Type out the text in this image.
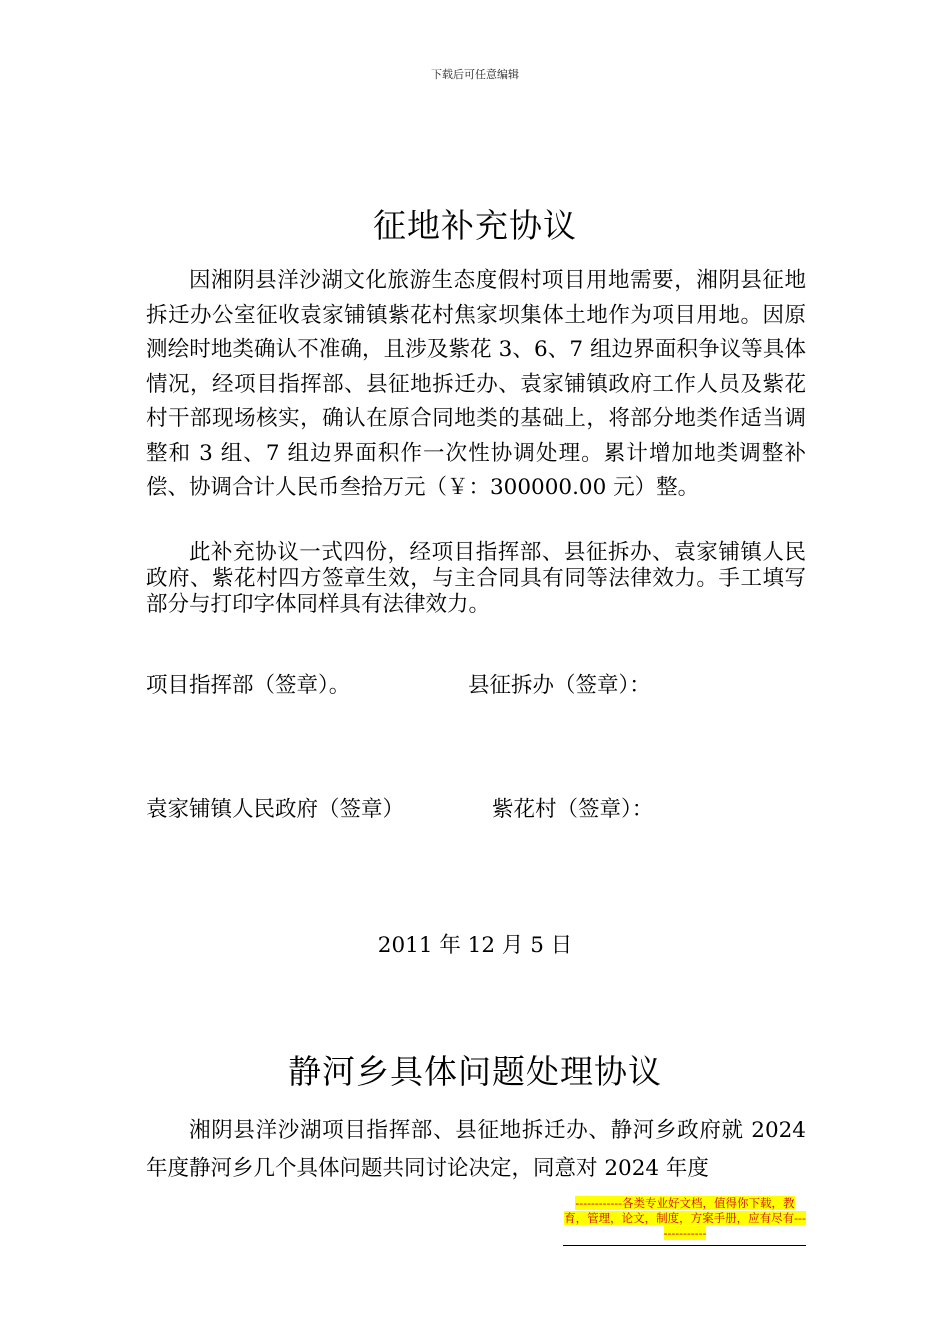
下载后可任意编辑
征地补充协议
因湘阴县洋沙湖文化旅游生态度假村项目用地需要，湘阴县征地拆迁办公室征收袁家铺镇紫花村焦家坝集体土地作为项目用地。因原测绘时地类确认不准确，且涉及紫花 3、6、7 组边界面积争议等具体情况，经项目指挥部、县征地拆迁办、袁家铺镇政府工作人员及紫花村干部现场核实，确认在原合同地类的基础上，将部分地类作适当调整和 3 组、7 组边界面积作一次性协调处理。累计增加地类调整补偿、协调合计人民币叁拾万元（￥：300000.00 元）整。
此补充协议一式四份，经项目指挥部、县征拆办、袁家铺镇人民政府、紫花村四方签章生效，与主合同具有同等法律效力。手工填写部分与打印字体同样具有法律效力。
项目指挥部（签章）。	县征拆办（签章）：
袁家铺镇人民政府（签章）	紫花村（签章）：
2011 年 12 月 5 日
静河乡具体问题处理协议
湘阴县洋沙湖项目指挥部、县征地拆迁办、静河乡政府就 2024 年度静河乡几个具体问题共同讨论决定，同意对 2024 年度
------------各类专业好文档，值得你下载，教育，管理，论文，制度，方案手册，应有尽有--------------
